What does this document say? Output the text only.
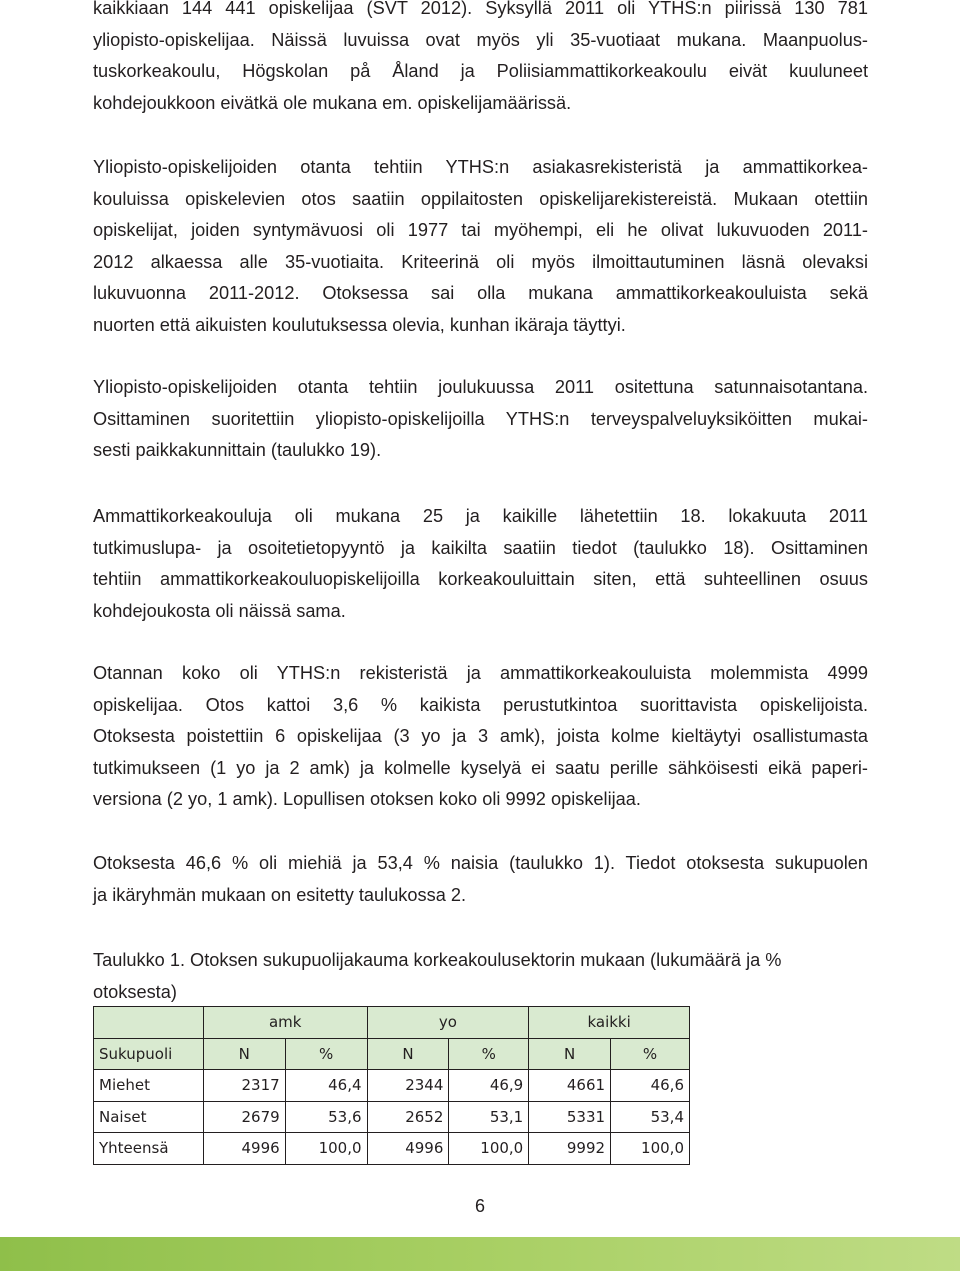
kaikkiaan 144 441 opiskelijaa (SVT 2012). Syksyllä 2011 oli YTHS:n piirissä 130 781
yliopisto-opiskelijaa. Näissä luvuissa ovat myös yli 35-vuotiaat mukana. Maanpuolus-
tuskorkeakoulu, Högskolan på Åland ja Poliisiammattikorkeakoulu eivät kuuluneet
kohdejoukkoon eivätkä ole mukana em. opiskelijamäärissä.

Yliopisto-opiskelijoiden otanta tehtiin YTHS:n asiakasrekisteristä ja ammattikorkea-
kouluissa opiskelevien otos saatiin oppilaitosten opiskelijarekistereistä. Mukaan otettiin
opiskelijat, joiden syntymävuosi oli 1977 tai myöhempi, eli he olivat lukuvuoden 2011-
2012 alkaessa alle 35-vuotiaita. Kriteerinä oli myös ilmoittautuminen läsnä olevaksi
lukuvuonna 2011-2012. Otoksessa sai olla mukana ammattikorkeakouluista sekä
nuorten että aikuisten koulutuksessa olevia, kunhan ikäraja täyttyi.

Yliopisto-opiskelijoiden otanta tehtiin joulukuussa 2011 ositettuna satunnaisotantana.
Osittaminen suoritettiin yliopisto-opiskelijoilla YTHS:n terveyspalveluyksiköitten mukai-
sesti paikkakunnittain (taulukko 19).

Ammattikorkeakouluja oli mukana 25 ja kaikille lähetettiin 18. lokakuuta 2011
tutkimuslupa- ja osoitetietopyyntö ja kaikilta saatiin tiedot (taulukko 18). Osittaminen
tehtiin ammattikorkeakouluopiskelijoilla korkeakouluittain siten, että suhteellinen osuus
kohdejoukosta oli näissä sama.

Otannan koko oli YTHS:n rekisteristä ja ammattikorkeakouluista molemmista 4999
opiskelijaa. Otos kattoi 3,6 % kaikista perustutkintoa suorittavista opiskelijoista.
Otoksesta poistettiin 6 opiskelijaa (3 yo ja 3 amk), joista kolme kieltäytyi osallistumasta
tutkimukseen (1 yo ja 2 amk) ja kolmelle kyselyä ei saatu perille sähköisesti eikä paperi-
versiona (2 yo, 1 amk). Lopullisen otoksen koko oli 9992 opiskelijaa.

Otoksesta 46,6 % oli miehiä ja 53,4 % naisia (taulukko 1). Tiedot otoksesta sukupuolen
ja ikäryhmän mukaan on esitetty taulukossa 2.

Taulukko 1. Otoksen sukupuolijakauma korkeakoulusektorin mukaan (lukumäärä ja %
otoksesta)
	amk		yo		kaikki	
Sukupuoli	N	%	N	%	N	%
Miehet	2317	46,4	2344	46,9	4661	46,6
Naiset	2679	53,6	2652	53,1	5331	53,4
Yhteensä	4996	100,0	4996	100,0	9992	100,0
6
